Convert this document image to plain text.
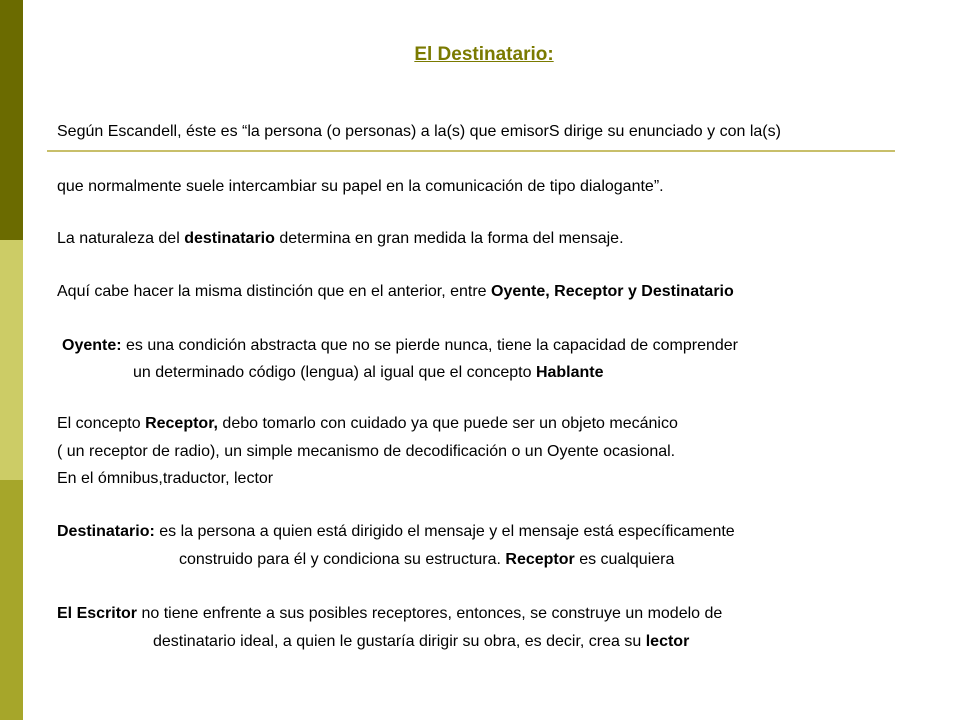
El Destinatario:
Según Escandell, éste es “la persona (o personas) a la(s) que emisorS dirige su enunciado y con la(s)
que normalmente suele intercambiar su papel en la comunicación de tipo dialogante”.
La naturaleza del destinatario determina en gran medida la forma del mensaje.
Aquí cabe hacer la misma distinción que en el anterior, entre Oyente, Receptor y Destinatario
Oyente: es una condición abstracta que no se pierde nunca, tiene la capacidad de comprender
un determinado código (lengua) al igual que el concepto Hablante
El concepto Receptor, debo tomarlo con cuidado ya que puede ser un objeto mecánico
( un receptor de radio), un simple mecanismo de decodificación o un Oyente ocasional.
En el ómnibus,traductor, lector
Destinatario: es la persona a quien está dirigido el mensaje y el mensaje está específicamente
construido para él y condiciona su estructura. Receptor es cualquiera
El Escritor no tiene enfrente a sus posibles receptores, entonces, se construye un modelo de
destinatario ideal, a quien le gustaría dirigir su obra, es decir, crea su lector
